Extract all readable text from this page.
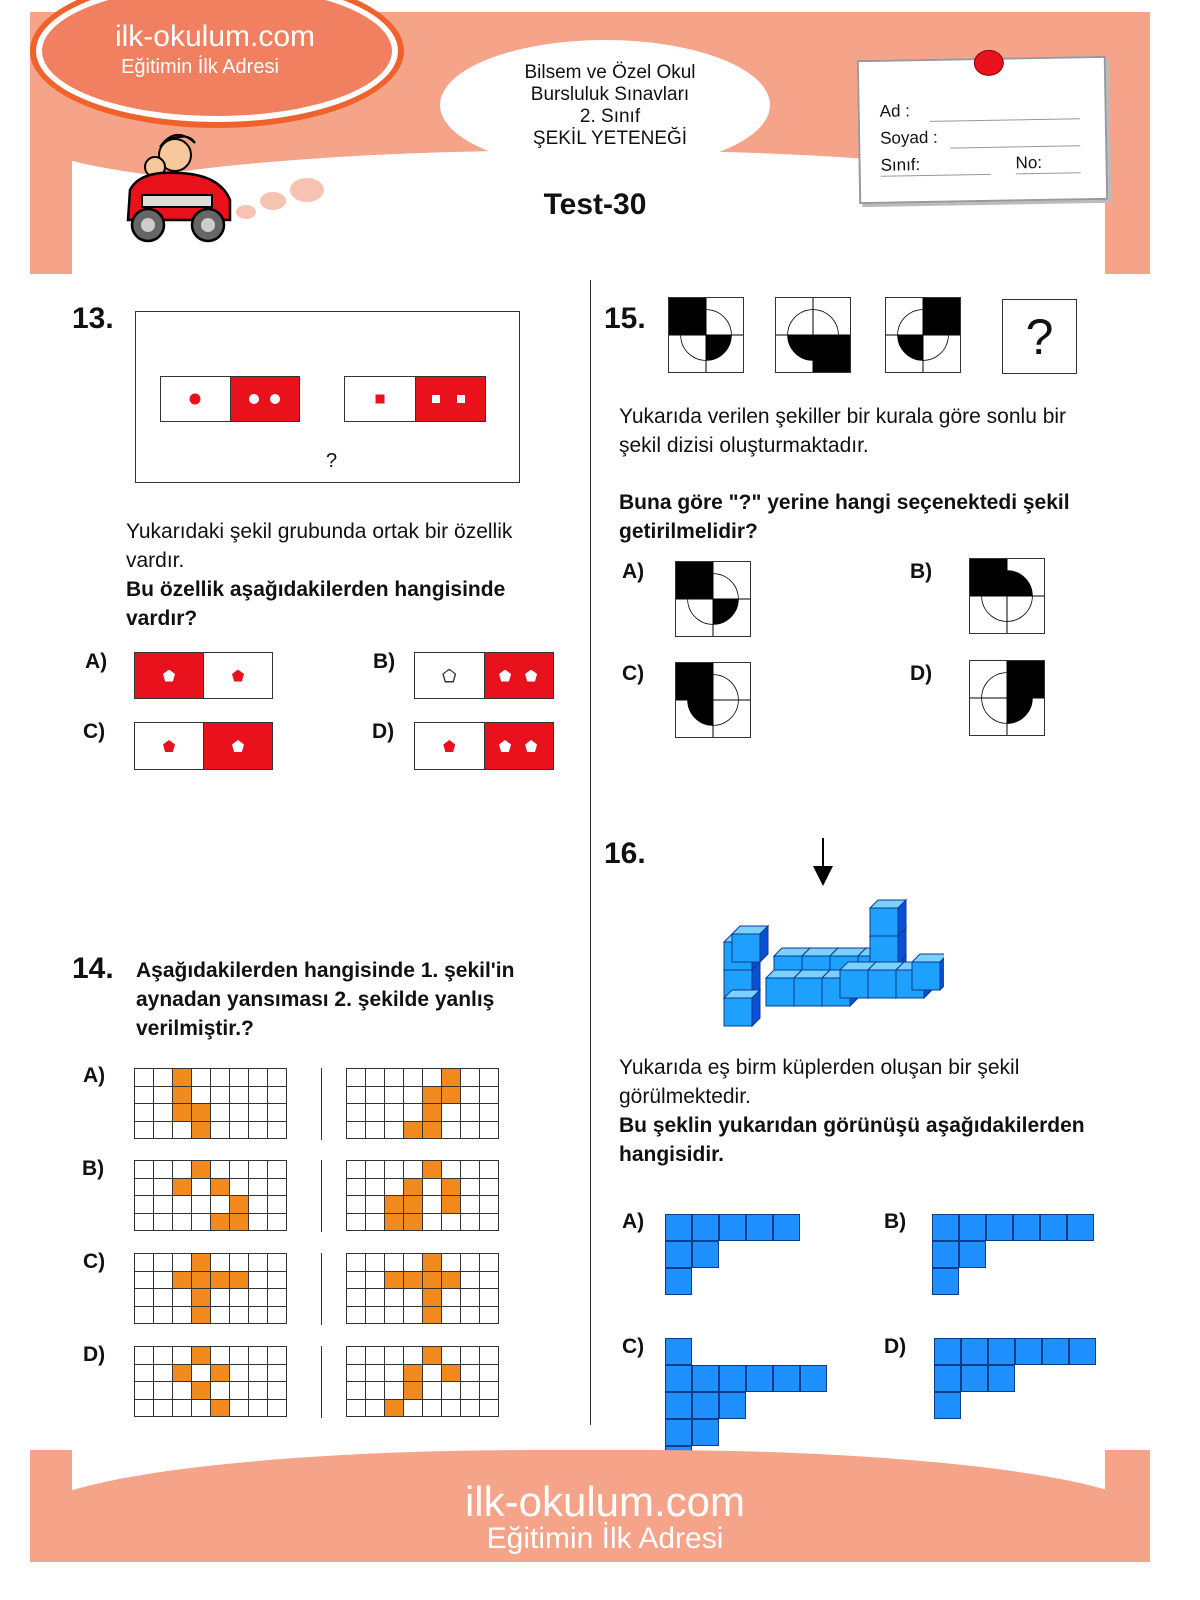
ilk-okulum.com
Eğitimin İlk Adresi	Bilsem ve Özel Okul
Bursluluk Sınavları
2. Sınıf
ŞEKİL YETENEĞİ
Test-30
Ad :
Soyad :
Sınıf:	No:
13.
?
Yukarıdaki şekil grubunda ortak bir özellik vardır.
Bu özellik aşağıdakilerden hangisinde vardır?
A)	B)
C)	D)
14. Aşağıdakilerden hangisinde 1. şekil'in aynadan yansıması 2. şekilde yanlış verilmiştir.?
A)
B)
C)
D)
15.	?
Yukarıda verilen şekiller bir kurala göre sonlu bir şekil dizisi oluşturmaktadır.
Buna göre "?" yerine hangi seçenektedi şekil getirilmelidir?
A)	B)
C)	D)
16.
Yukarıda eş birm küplerden oluşan bir şekil görülmektedir.
Bu şeklin yukarıdan görünüşü aşağıdakilerden hangisidir.
A)	B)
C)	D)
ilk-okulum.com
Eğitimin İlk Adresi
